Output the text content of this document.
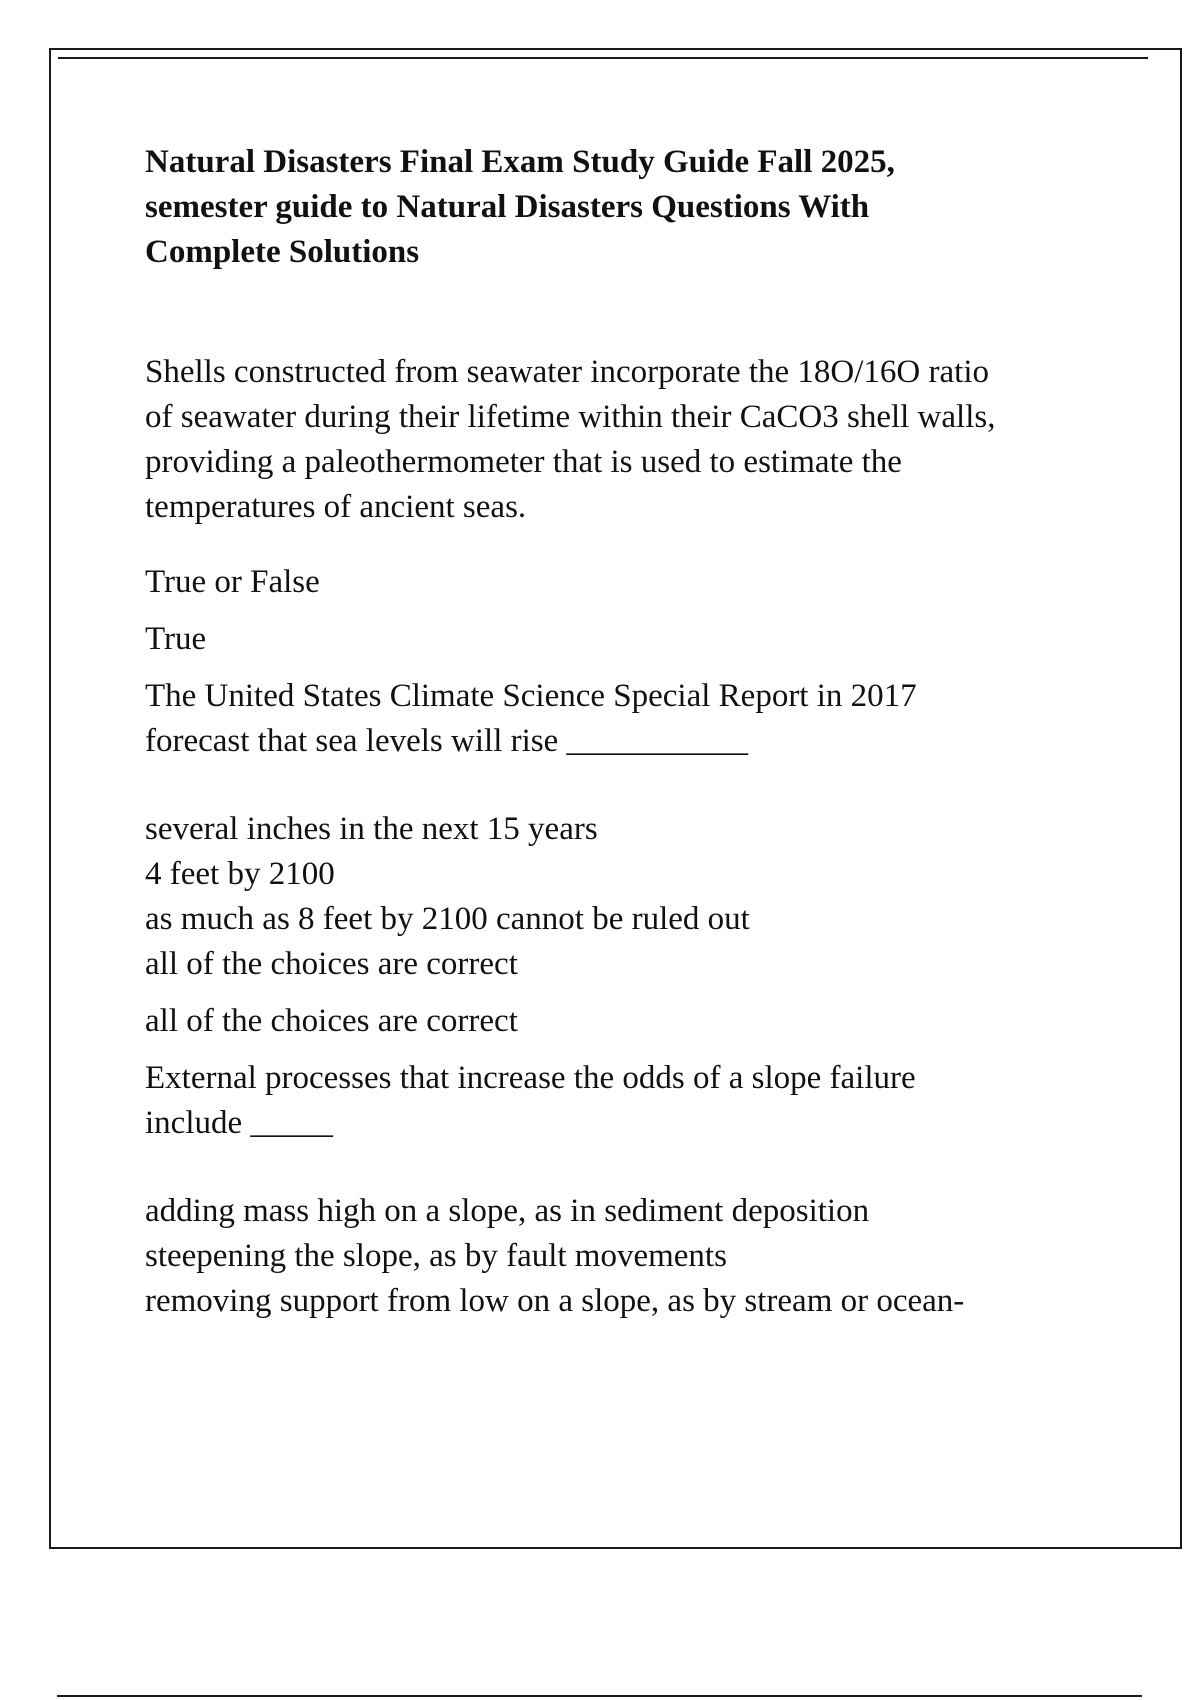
Natural Disasters Final Exam Study Guide Fall 2025,
semester guide to Natural Disasters Questions With
Complete Solutions
Shells constructed from seawater incorporate the 18O/16O ratio
of seawater during their lifetime within their CaCO3 shell walls,
providing a paleothermometer that is used to estimate the
temperatures of ancient seas.
True or False
True
The United States Climate Science Special Report in 2017
forecast that sea levels will rise ___________
several inches in the next 15 years
4 feet by 2100
as much as 8 feet by 2100 cannot be ruled out
all of the choices are correct
all of the choices are correct
External processes that increase the odds of a slope failure
include _____
adding mass high on a slope, as in sediment deposition
steepening the slope, as by fault movements
removing support from low on a slope, as by stream or ocean-
